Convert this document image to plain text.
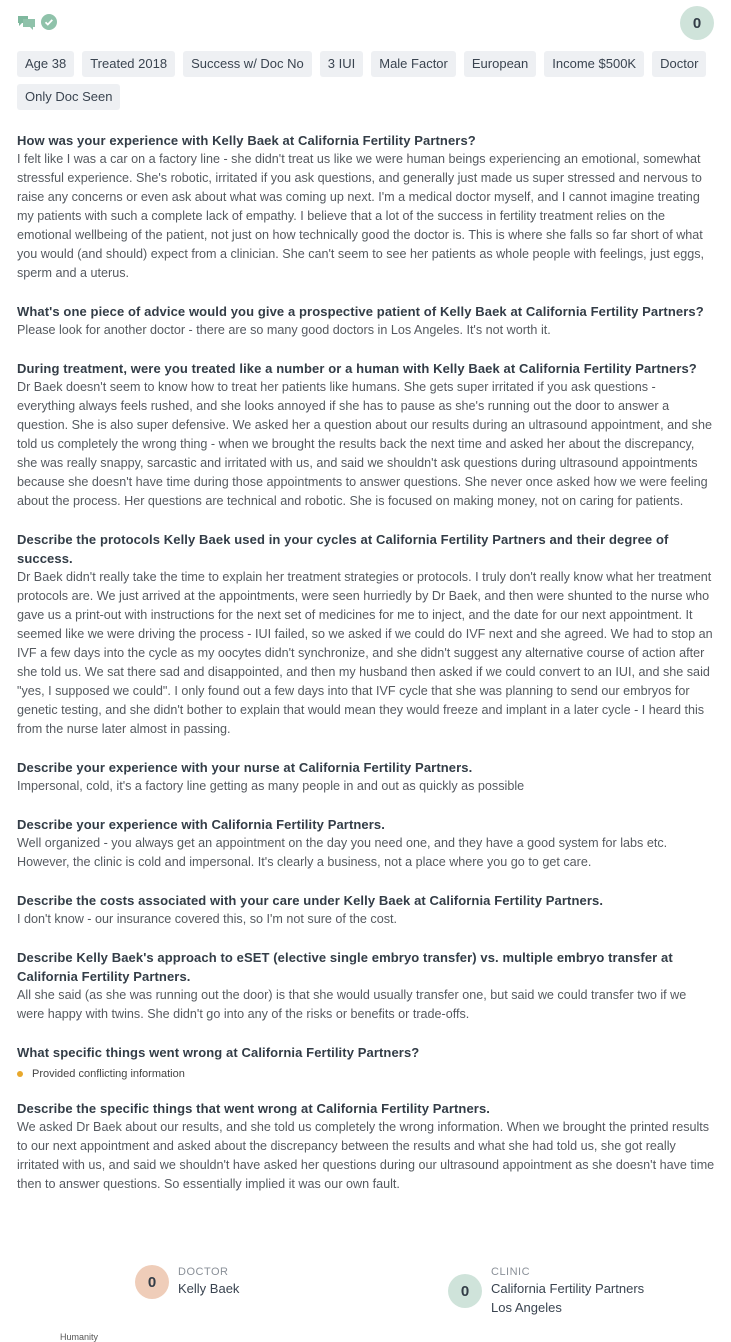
0
Age 38	Treated 2018	Success w/ Doc No	3 IUI	Male Factor	European	Income $500K	Doctor
Only Doc Seen
How was your experience with Kelly Baek at California Fertility Partners?
I felt like I was a car on a factory line - she didn't treat us like we were human beings experiencing an emotional, somewhat stressful experience. She's robotic, irritated if you ask questions, and generally just made us super stressed and nervous to raise any concerns or even ask about what was coming up next. I'm a medical doctor myself, and I cannot imagine treating my patients with such a complete lack of empathy. I believe that a lot of the success in fertility treatment relies on the emotional wellbeing of the patient, not just on how technically good the doctor is. This is where she falls so far short of what you would (and should) expect from a clinician. She can't seem to see her patients as whole people with feelings, just eggs, sperm and a uterus.
What's one piece of advice would you give a prospective patient of Kelly Baek at California Fertility Partners?
Please look for another doctor - there are so many good doctors in Los Angeles. It's not worth it.
During treatment, were you treated like a number or a human with Kelly Baek at California Fertility Partners?
Dr Baek doesn't seem to know how to treat her patients like humans. She gets super irritated if you ask questions - everything always feels rushed, and she looks annoyed if she has to pause as she's running out the door to answer a question. She is also super defensive. We asked her a question about our results during an ultrasound appointment, and she told us completely the wrong thing - when we brought the results back the next time and asked her about the discrepancy, she was really snappy, sarcastic and irritated with us, and said we shouldn't ask questions during ultrasound appointments because she doesn't have time during those appointments to answer questions. She never once asked how we were feeling about the process. Her questions are technical and robotic. She is focused on making money, not on caring for patients.
Describe the protocols Kelly Baek used in your cycles at California Fertility Partners and their degree of success.
Dr Baek didn't really take the time to explain her treatment strategies or protocols. I truly don't really know what her treatment protocols are. We just arrived at the appointments, were seen hurriedly by Dr Baek, and then were shunted to the nurse who gave us a print-out with instructions for the next set of medicines for me to inject, and the date for our next appointment. It seemed like we were driving the process - IUI failed, so we asked if we could do IVF next and she agreed. We had to stop an IVF a few days into the cycle as my oocytes didn't synchronize, and she didn't suggest any alternative course of action after she told us. We sat there sad and disappointed, and then my husband then asked if we could convert to an IUI, and she said "yes, I supposed we could". I only found out a few days into that IVF cycle that she was planning to send our embryos for genetic testing, and she didn't bother to explain that would mean they would freeze and implant in a later cycle - I heard this from the nurse later almost in passing.
Describe your experience with your nurse at California Fertility Partners.
Impersonal, cold, it's a factory line getting as many people in and out as quickly as possible
Describe your experience with California Fertility Partners.
Well organized - you always get an appointment on the day you need one, and they have a good system for labs etc. However, the clinic is cold and impersonal. It's clearly a business, not a place where you go to get care.
Describe the costs associated with your care under Kelly Baek at California Fertility Partners.
I don't know - our insurance covered this, so I'm not sure of the cost.
Describe Kelly Baek's approach to eSET (elective single embryo transfer) vs. multiple embryo transfer at California Fertility Partners.
All she said (as she was running out the door) is that she would usually transfer one, but said we could transfer two if we were happy with twins. She didn't go into any of the risks or benefits or trade-offs.
What specific things went wrong at California Fertility Partners?
Provided conflicting information
Describe the specific things that went wrong at California Fertility Partners.
We asked Dr Baek about our results, and she told us completely the wrong information. When we brought the printed results to our next appointment and asked about the discrepancy between the results and what she had told us, she got really irritated with us, and said we shouldn't have asked her questions during our ultrasound appointment as she doesn't have time then to answer questions. So essentially implied it was our own fault.
0
DOCTOR
Kelly Baek	0
CLINIC
California Fertility Partners
Los Angeles
Humanity
